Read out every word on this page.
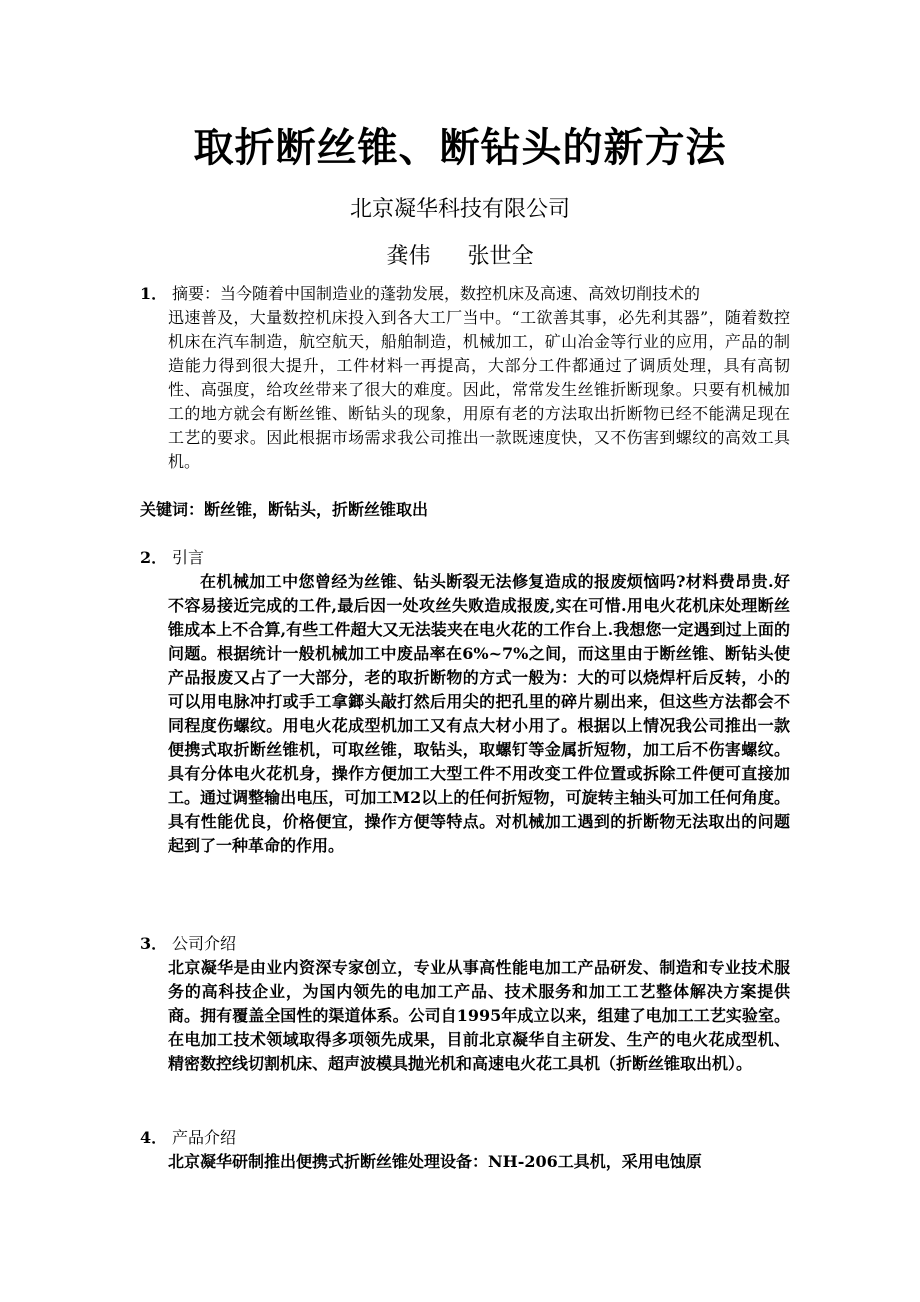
取折断丝锥、断钻头的新方法
北京凝华科技有限公司
龚伟 张世全
1． 摘要：当今随着中国制造业的蓬勃发展，数控机床及高速、高效切削技术的
迅速普及，大量数控机床投入到各大工厂当中。“工欲善其事，必先利其器”，随着数控机床在汽车制造，航空航天，船舶制造，机械加工，矿山冶金等行业的应用，产品的制造能力得到很大提升，工件材料一再提高，大部分工件都通过了调质处理，具有高韧性、高强度，给攻丝带来了很大的难度。因此，常常发生丝锥折断现象。只要有机械加工的地方就会有断丝锥、断钻头的现象，用原有老的方法取出折断物已经不能满足现在工艺的要求。因此根据市场需求我公司推出一款既速度快，又不伤害到螺纹的高效工具机。
关键词：断丝锥，断钻头，折断丝锥取出
2． 引言
在机械加工中您曾经为丝锥、钻头断裂无法修复造成的报废烦恼吗?材料费昂贵.好不容易接近完成的工件,最后因一处攻丝失败造成报废,实在可惜.用电火花机床处理断丝锥成本上不合算,有些工件超大又无法装夹在电火花的工作台上.我想您一定遇到过上面的问题。根据统计一般机械加工中废品率在6%~7%之间，而这里由于断丝锥、断钻头使产品报废又占了一大部分，老的取折断物的方式一般为：大的可以烧焊杆后反转，小的可以用电脉冲打或手工拿鎯头敲打然后用尖的把孔里的碎片剔出来，但这些方法都会不同程度伤螺纹。用电火花成型机加工又有点大材小用了。根据以上情况我公司推出一款便携式取折断丝锥机，可取丝锥，取钻头，取螺钉等金属折短物，加工后不伤害螺纹。具有分体电火花机身，操作方便加工大型工件不用改变工件位置或拆除工件便可直接加工。通过调整输出电压，可加工M2以上的任何折短物，可旋转主轴头可加工任何角度。具有性能优良，价格便宜，操作方便等特点。对机械加工遇到的折断物无法取出的问题起到了一种革命的作用。
3． 公司介绍
北京凝华是由业内资深专家创立，专业从事高性能电加工产品研发、制造和专业技术服务的高科技企业，为国内领先的电加工产品、技术服务和加工工艺整体解决方案提供商。拥有覆盖全国性的渠道体系。公司自1995年成立以来，组建了电加工工艺实验室。在电加工技术领域取得多项领先成果，目前北京凝华自主研发、生产的电火花成型机、精密数控线切割机床、超声波模具抛光机和高速电火花工具机（折断丝锥取出机）。
4． 产品介绍
北京凝华研制推出便携式折断丝锥处理设备：NH-206工具机，采用电蚀原
